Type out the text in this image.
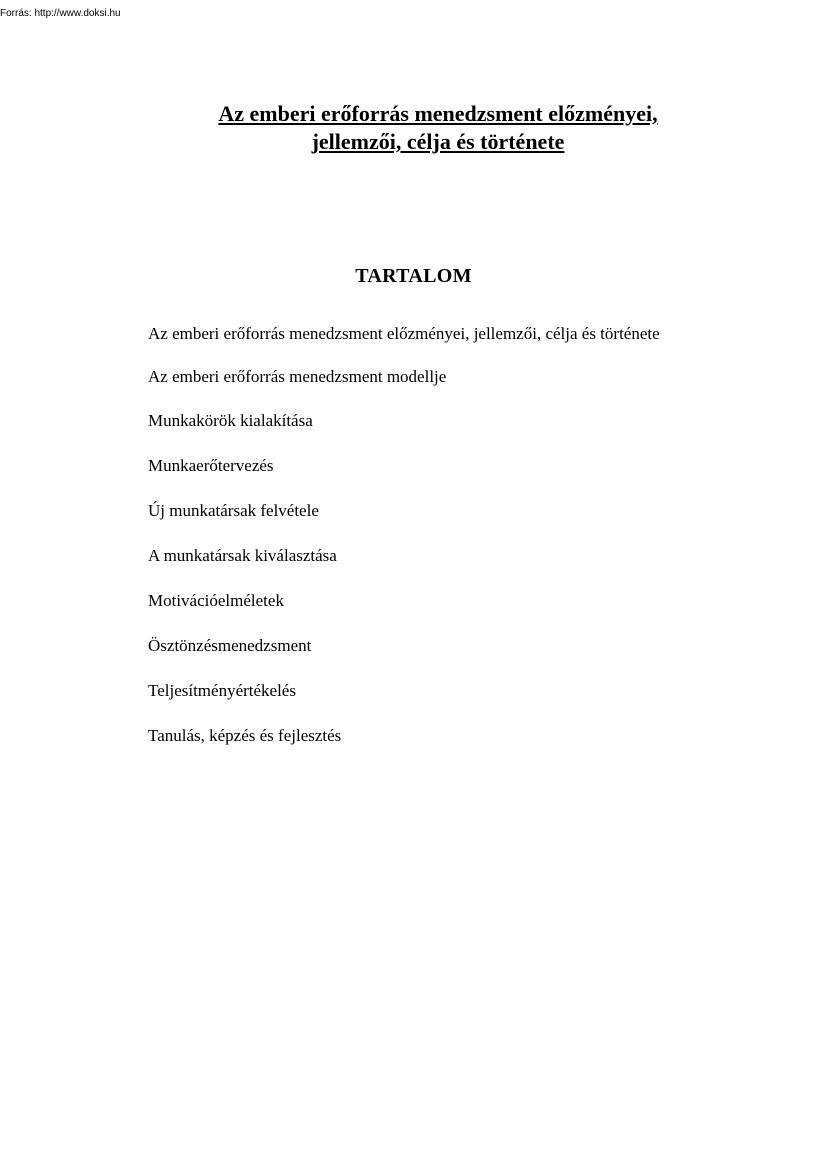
Forrás: http://www.doksi.hu
Az emberi erőforrás menedzsment előzményei,
jellemzői, célja és története
TARTALOM
Az emberi erőforrás menedzsment előzményei, jellemzői, célja és története
Az emberi erőforrás menedzsment modellje
Munkakörök kialakítása
Munkaerőtervezés
Új munkatársak felvétele
A munkatársak kiválasztása
Motivációelméletek
Ösztönzésmenedzsment
Teljesítményértékelés
Tanulás, képzés és fejlesztés
